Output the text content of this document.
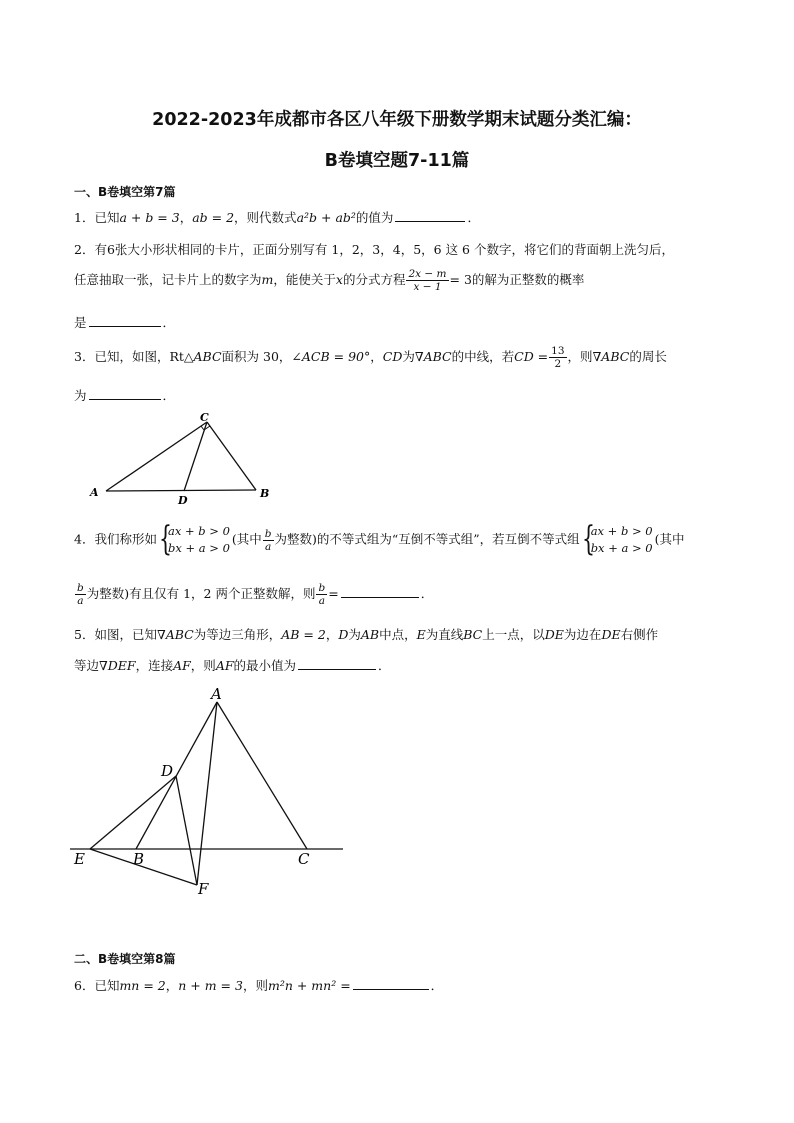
2022-2023年成都市各区八年级下册数学期末试题分类汇编：
B卷填空题7-11篇
一、B卷填空第7篇
1．已知a + b = 3，ab = 2，则代数式a²b + ab²的值为	．
2．有6张大小形状相同的卡片，正面分别写有 1，2，3，4，5，6 这 6 个数字，将它们的背面朝上洗匀后，
任意抽取一张，记卡片上的数字为m，能使关于x的分式方程 $\frac{2x - m}{x - 1} = 3$的解为正整数的概率
是	．
3．已知，如图，Rt△ABC面积为 30，∠ACB = 90°，CD为∇ABC的中线，若CD = $\frac{13}{2}$ ，则∇ABC的周长
为	．
A	B
C
D
4．我们称形如 {
ax + b > 0
bx + a > 0
(其中 $\frac{b}{a}$ 为整数)的不等式组为“互倒不等式组”，若互倒不等式组 {
ax + b > 0
bx + a > 0
(其中
$\frac{b}{a}$ 为整数)有且仅有 1，2 两个正整数解，则 $\frac{b}{a}$ =	．
5．如图，已知∇ABC为等边三角形，AB = 2，D为AB中点，E为直线BC上一点，以DE为边在DE右侧作
等边∇DEF，连接AF，则AF的最小值为	．
A
B	C
D
E
F
二、B卷填空第8篇
6．已知mn = 2，n + m = 3，则m²n + mn² =	．
